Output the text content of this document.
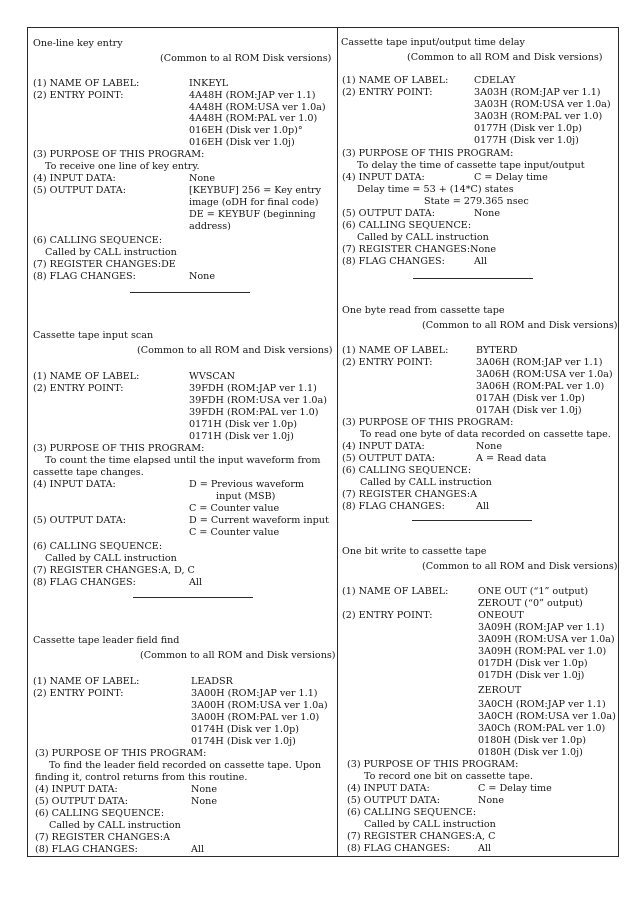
One-line key entry
(Common to al ROM Disk versions)
(1) NAME OF LABEL:	INKEYL
(2) ENTRY POINT:	4A48H (ROM:JAP ver 1.1)
4A48H (ROM:USA ver 1.0a)
4A48H (ROM:PAL ver 1.0)
016EH (Disk ver 1.0p)°
016EH (Disk ver 1.0j)
(3) PURPOSE OF THIS PROGRAM:
To receive one line of key entry.
(4) INPUT DATA:	None
(5) OUTPUT DATA:	[KEYBUF] 256 = Key entry
image (oDH for final code)
DE = KEYBUF (beginning
address)
(6) CALLING SEQUENCE:
Called by CALL instruction
(7) REGISTER CHANGES:DE
(8) FLAG CHANGES:	None
Cassette tape input scan
(Common to all ROM and Disk versions)
(1) NAME OF LABEL:	WVSCAN
(2) ENTRY POINT:	39FDH (ROM:JAP ver 1.1)
39FDH (ROM:USA ver 1.0a)
39FDH (ROM:PAL ver 1.0)
0171H (Disk ver 1.0p)
0171H (Disk ver 1.0j)
(3) PURPOSE OF THIS PROGRAM:
To count the time elapsed until the input waveform from
cassette tape changes.
(4) INPUT DATA:	D = Previous waveform
input (MSB)
C = Counter value
(5) OUTPUT DATA:	D = Current waveform input
C = Counter value
(6) CALLING SEQUENCE:
Called by CALL instruction
(7) REGISTER CHANGES:A, D, C
(8) FLAG CHANGES:	All
Cassette tape leader field find
(Common to all ROM and Disk versions)
(1) NAME OF LABEL:	LEADSR
(2) ENTRY POINT:	3A00H (ROM:JAP ver 1.1)
3A00H (ROM:USA ver 1.0a)
3A00H (ROM:PAL ver 1.0)
0174H (Disk ver 1.0p)
0174H (Disk ver 1.0j)
(3) PURPOSE OF THIS PROGRAM:
To find the leader field recorded on cassette tape. Upon
finding it, control returns from this routine.
(4) INPUT DATA:	None
(5) OUTPUT DATA:	None
(6) CALLING SEQUENCE:
Called by CALL instruction
(7) REGISTER CHANGES:A
(8) FLAG CHANGES:	All
Cassette tape input/output time delay
(Common to all ROM and Disk versions)
(1) NAME OF LABEL:	CDELAY
(2) ENTRY POINT:	3A03H (ROM:JAP ver 1.1)
3A03H (ROM:USA ver 1.0a)
3A03H (ROM:PAL ver 1.0)
0177H (Disk ver 1.0p)
0177H (Disk ver 1.0j)
(3) PURPOSE OF THIS PROGRAM:
To delay the time of cassette tape input/output
(4) INPUT DATA:	C = Delay time
Delay time = 53 + (14*C) states
State = 279.365 nsec
(5) OUTPUT DATA:	None
(6) CALLING SEQUENCE:
Called by CALL instruction
(7) REGISTER CHANGES:None
(8) FLAG CHANGES:	All
One byte read from cassette tape
(Common to all ROM and Disk versions)
(1) NAME OF LABEL:	BYTERD
(2) ENTRY POINT:	3A06H (ROM:JAP ver 1.1)
3A06H (ROM:USA ver 1.0a)
3A06H (ROM:PAL ver 1.0)
017AH (Disk ver 1.0p)
017AH (Disk ver 1.0j)
(3) PURPOSE OF THIS PROGRAM:
To read one byte of data recorded on cassette tape.
(4) INPUT DATA:	None
(5) OUTPUT DATA:	A = Read data
(6) CALLING SEQUENCE:
Called by CALL instruction
(7) REGISTER CHANGES:A
(8) FLAG CHANGES:	All
One bit write to cassette tape
(Common to all ROM and Disk versions)
(1) NAME OF LABEL:	ONE OUT (“1” output)
ZEROUT (“0” output)
(2) ENTRY POINT:	ONEOUT
3A09H (ROM:JAP ver 1.1)
3A09H (ROM:USA ver 1.0a)
3A09H (ROM:PAL ver 1.0)
017DH (Disk ver 1.0p)
017DH (Disk ver 1.0j)
ZEROUT
3A0CH (ROM:JAP ver 1.1)
3A0CH (ROM:USA ver 1.0a)
3A0Ch (ROM:PAL ver 1.0)
0180H (Disk ver 1.0p)
0180H (Disk ver 1.0j)
(3) PURPOSE OF THIS PROGRAM:
To record one bit on cassette tape.
(4) INPUT DATA:	C = Delay time
(5) OUTPUT DATA:	None
(6) CALLING SEQUENCE:
Called by CALL instruction
(7) REGISTER CHANGES:A, C
(8) FLAG CHANGES:	All
